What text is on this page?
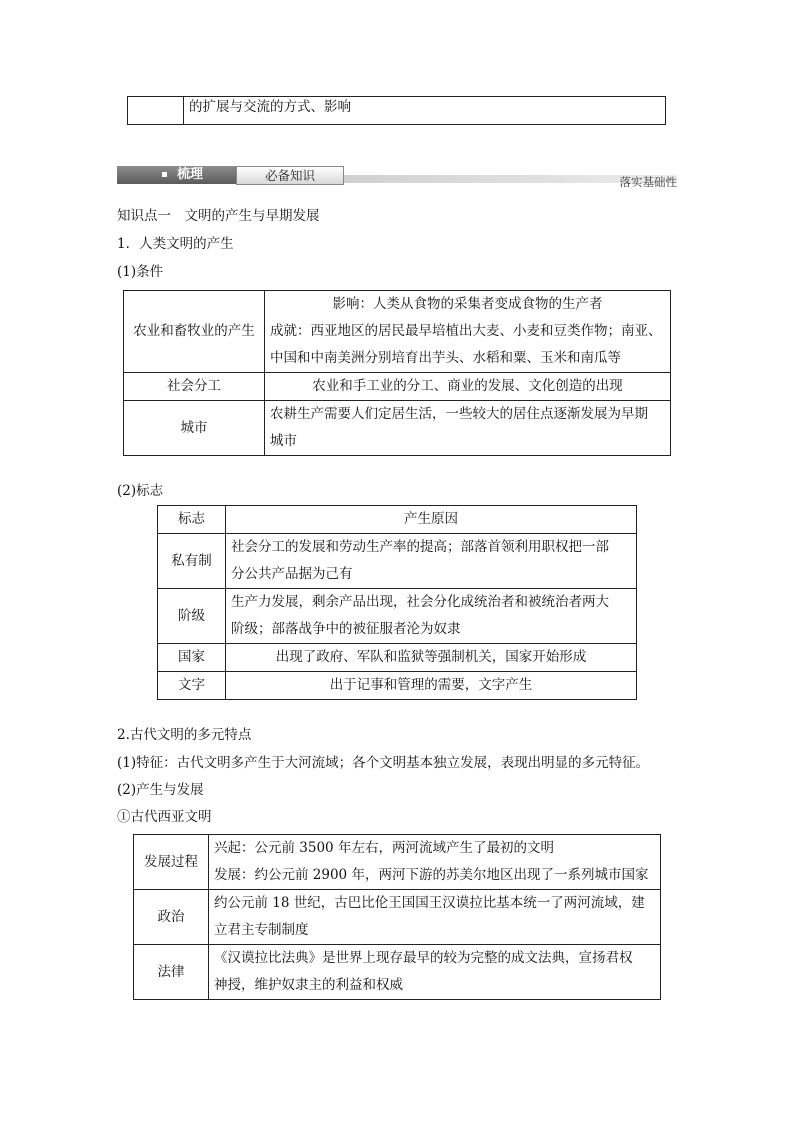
	的扩展与交流的方式、影响
梳理	必备知识	落实基础性
知识点一　文明的产生与早期发展
1．人类文明的产生
(1)条件
农业和畜牧业的产生	影响：人类从食物的采集者变成食物的生产者
成就：西亚地区的居民最早培植出大麦、小麦和豆类作物；南亚、
中国和中南美洲分别培育出芋头、水稻和粟、玉米和南瓜等

社会分工	农业和手工业的分工、商业的发展、文化创造的出现
城市	农耕生产需要人们定居生活，一些较大的居住点逐渐发展为早期
城市
(2)标志
标志	产生原因
私有制	社会分工的发展和劳动生产率的提高；部落首领利用职权把一部
分公共产品据为己有

阶级	生产力发展，剩余产品出现，社会分化成统治者和被统治者两大
阶级；部落战争中的被征服者沦为奴隶

国家	出现了政府、军队和监狱等强制机关，国家开始形成
文字	出于记事和管理的需要，文字产生
2.古代文明的多元特点
(1)特征：古代文明多产生于大河流域；各个文明基本独立发展，表现出明显的多元特征。
(2)产生与发展
①古代西亚文明
发展过程	兴起：公元前 3500 年左右，两河流域产生了最初的文明
发展：约公元前 2900 年，两河下游的苏美尔地区出现了一系列城市国家

政治	约公元前 18 世纪，古巴比伦王国国王汉谟拉比基本统一了两河流域，建
立君主专制制度

法律	《汉谟拉比法典》是世界上现存最早的较为完整的成文法典，宣扬君权
神授，维护奴隶主的利益和权威
